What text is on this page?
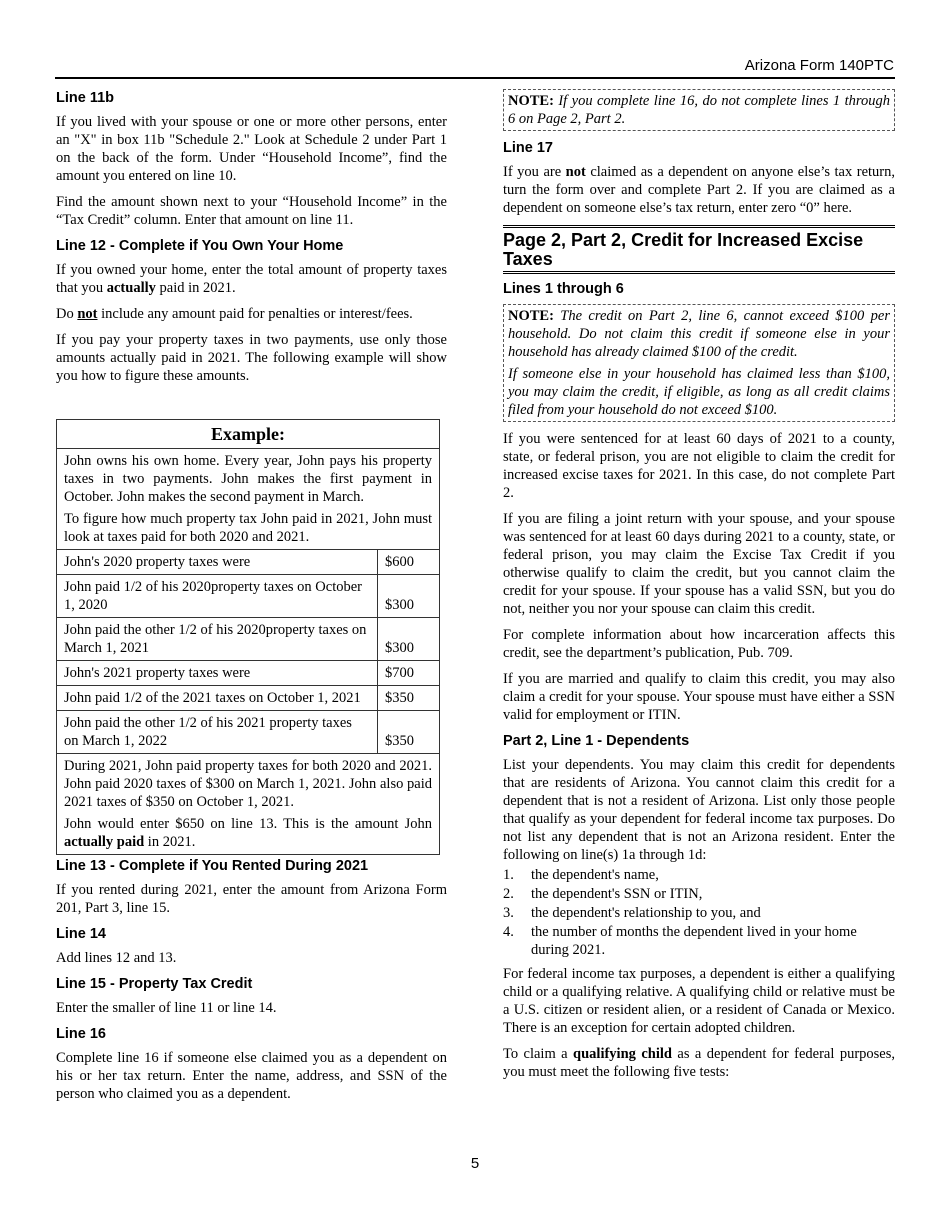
Arizona Form 140PTC
Line 11b

If you lived with your spouse or one or more other persons, enter an "X" in box 11b "Schedule 2." Look at Schedule 2 under Part 1 on the back of the form. Under “Household Income”, find the amount you entered on line 10.

Find the amount shown next to your “Household Income” in the “Tax Credit” column. Enter that amount on line 11.

Line 12 - Complete if You Own Your Home

If you owned your home, enter the total amount of property taxes that you actually paid in 2021.

Do not include any amount paid for penalties or interest/fees.

If you pay your property taxes in two payments, use only those amounts actually paid in 2021. The following example will show you how to figure these amounts.

Example:	

John owns his own home. Every year, John pays his property taxes in two payments. John makes the first payment in October. John makes the second payment in March.

To figure how much property tax John paid in 2021, John must look at taxes paid for both 2020 and 2021.	

John's 2020 property taxes were	$600
John paid 1/2 of his 2020property taxes on October 1, 2020	$300
John paid the other 1/2 of his 2020property taxes on March 1, 2021	$300
John's 2021 property taxes were	$700
John paid 1/2 of the 2021 taxes on October 1, 2021	$350
John paid the other 1/2 of his 2021 property taxes on March 1, 2022	$350

During 2021, John paid property taxes for both 2020 and 2021. John paid 2020 taxes of $300 on March 1, 2021. John also paid 2021 taxes of $350 on October 1, 2021.

John would enter $650 on line 13. This is the amount John actually paid in 2021.	

Line 13 - Complete if You Rented During 2021

If you rented during 2021, enter the amount from Arizona Form 201, Part 3, line 15.

Line 14

Add lines 12 and 13.

Line 15 - Property Tax Credit

Enter the smaller of line 11 or line 14.

Line 16

Complete line 16 if someone else claimed you as a dependent on his or her tax return. Enter the name, address, and SSN of the person who claimed you as a dependent.

NOTE: If you complete line 16, do not complete lines 1 through 6 on Page 2, Part 2.
Line 17

If you are not claimed as a dependent on anyone else’s tax return, turn the form over and complete Part 2. If you are claimed as a dependent on someone else’s tax return, enter zero “0” here.

Page 2, Part 2, Credit for Increased Excise Taxes
Lines 1 through 6

NOTE: The credit on Part 2, line 6, cannot exceed $100 per household. Do not claim this credit if someone else in your household has already claimed $100 of the credit.

If someone else in your household has claimed less than $100, you may claim the credit, if eligible, as long as all credit claims filed from your household do not exceed $100.

If you were sentenced for at least 60 days of 2021 to a county, state, or federal prison, you are not eligible to claim the credit for increased excise taxes for 2021. In this case, do not complete Part 2.

If you are filing a joint return with your spouse, and your spouse was sentenced for at least 60 days during 2021 to a county, state, or federal prison, you may claim the Excise Tax Credit if you otherwise qualify to claim the credit, but you cannot claim the credit for your spouse. If your spouse has a valid SSN, but you do not, neither you nor your spouse can claim this credit.

For complete information about how incarceration affects this credit, see the department’s publication, Pub. 709.

If you are married and qualify to claim this credit, you may also claim a credit for your spouse. Your spouse must have either a SSN valid for employment or ITIN.

Part 2, Line 1 - Dependents

List your dependents. You may claim this credit for dependents that are residents of Arizona. You cannot claim this credit for a dependent that is not a resident of Arizona. List only those people that qualify as your dependent for federal income tax purposes. Do not list any dependent that is not an Arizona resident. Enter the following on line(s) 1a through 1d:

1. the dependent's name,
2. the dependent's SSN or ITIN,
3. the dependent's relationship to you, and
4. the number of months the dependent lived in your home during 2021.

For federal income tax purposes, a dependent is either a qualifying child or a qualifying relative. A qualifying child or relative must be a U.S. citizen or resident alien, or a resident of Canada or Mexico. There is an exception for certain adopted children.

To claim a qualifying child as a dependent for federal purposes, you must meet the following five tests:

5
